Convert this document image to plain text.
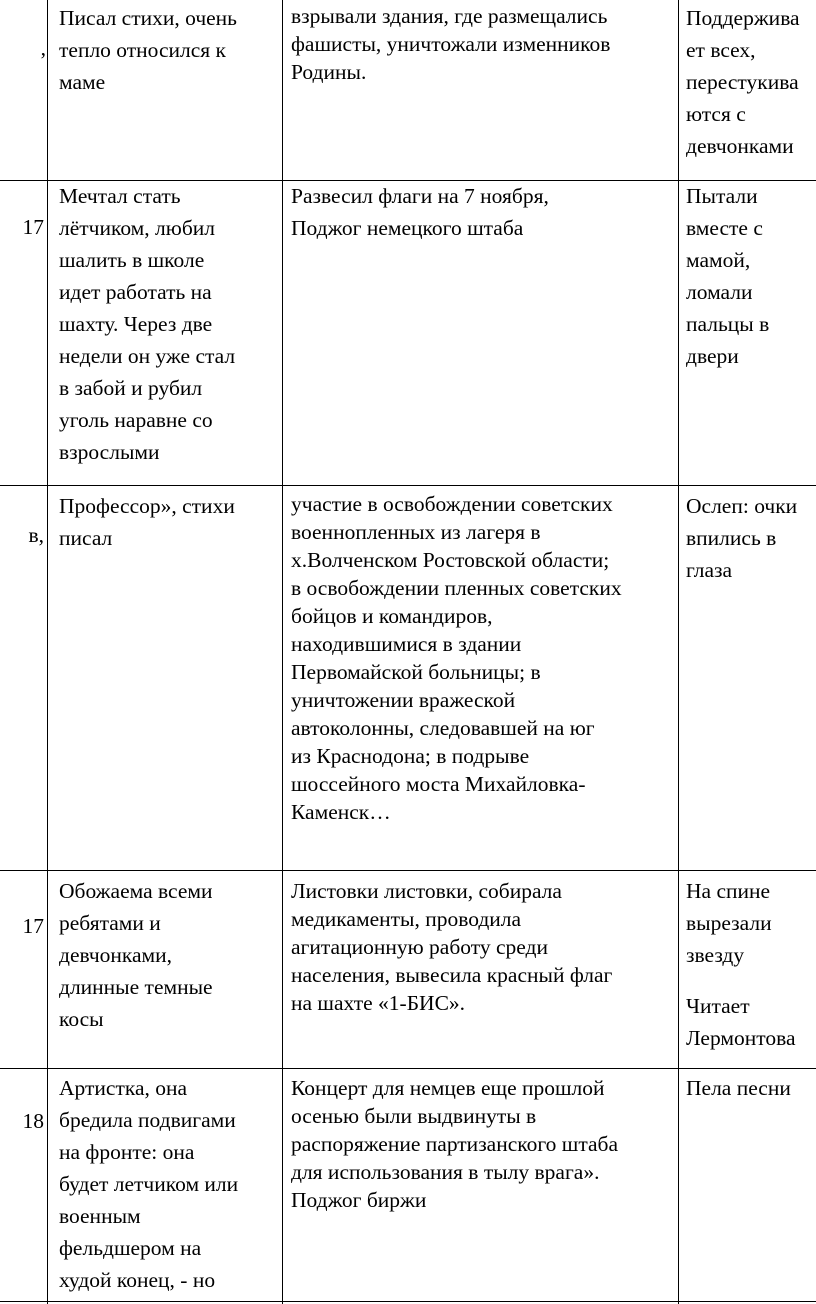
,
Писал стихи, очень
тепло относился к
маме
взрывали здания, где размещались
фашисты, уничтожали изменников
Родины.
Поддержива
ет всех,
перестукива
ются с
девчонками
17
Мечтал стать
лётчиком, любил
шалить в школе
идет работать на
шахту. Через две
недели он уже стал
в забой и рубил
уголь наравне со
взрослыми
Развесил флаги на 7 ноября,
Поджог немецкого штаба
Пытали
вместе с
мамой,
ломали
пальцы в
двери
в,
Профессор», стихи
писал
участие в освобождении советских
военнопленных из лагеря в
х.Волченском Ростовской области;
в освобождении пленных советских
бойцов и командиров,
находившимися в здании
Первомайской больницы; в
уничтожении вражеской
автоколонны, следовавшей на юг
из Краснодона; в подрыве
шоссейного моста Михайловка-
Каменск…
Ослеп: очки
впились в
глаза
17
Обожаема всеми
ребятами и
девчонками,
длинные темные
косы
Листовки листовки, собирала
медикаменты, проводила
агитационную работу среди
населения, вывесила красный флаг
на шахте «1-БИС».
На спине
вырезали
звезду
Читает
Лермонтова
18
Артистка, она
бредила подвигами
на фронте: она
будет летчиком или
военным
фельдшером на
худой конец, - но
Концерт для немцев еще прошлой
осенью были выдвинуты в
распоряжение партизанского штаба
для использования в тылу врага».
Поджог биржи
Пела песни
